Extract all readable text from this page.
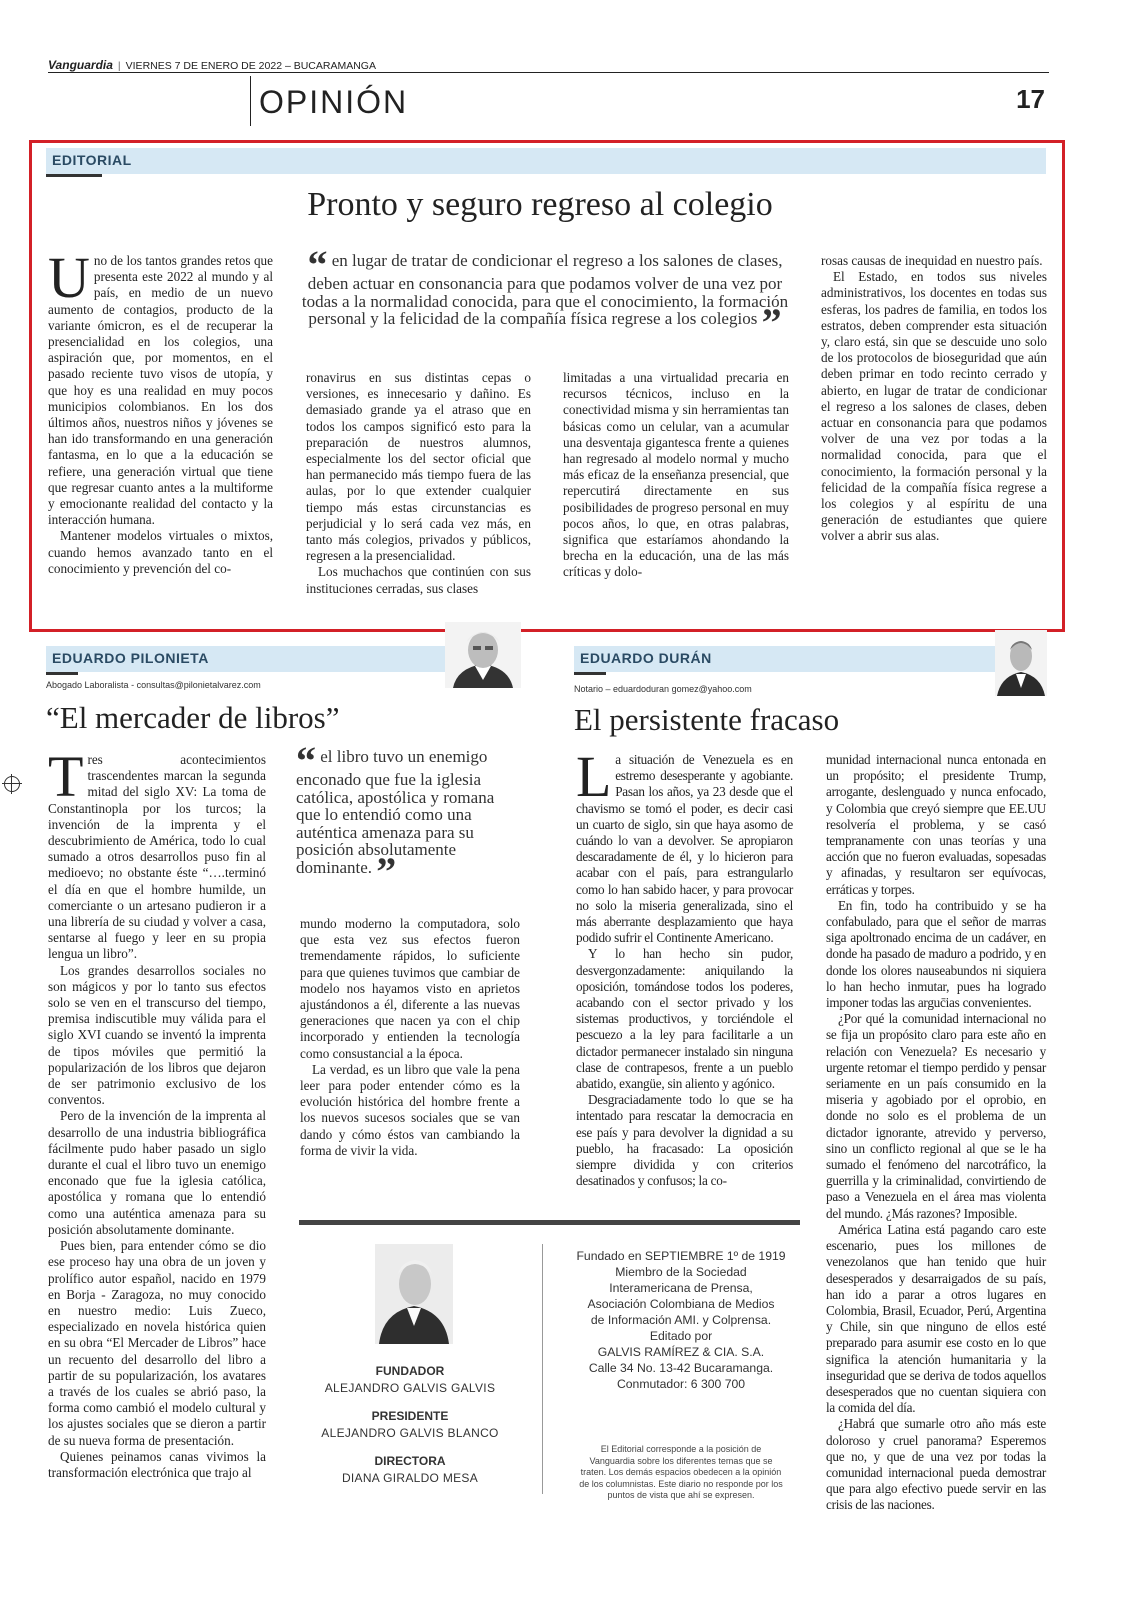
Vanguardia | VIERNES 7 DE ENERO DE 2022 – BUCARAMANGA
OPINIÓN	17
EDITORIAL
Pronto y seguro regreso al colegio

Uno de los tantos grandes retos que presenta este 2022 al mundo y al país, en medio de un nuevo aumento de contagios, producto de la variante ómicron, es el de recuperar la presencialidad en los colegios, una aspiración que, por momentos, en el pasado reciente tuvo visos de utopía, y que hoy es una realidad en muy pocos municipios colombianos. En los dos últimos años, nuestros niños y jóvenes se han ido transformando en una generación fantasma, en lo que a la educación se refiere, una generación virtual que tiene que regresar cuanto antes a la multiforme y emocionante realidad del contacto y la interacción humana.

Mantener modelos virtuales o mixtos, cuando hemos avanzado tanto en el conocimiento y prevención del co-

“ en lugar de tratar de condicionar el regreso a los salones de clases, deben actuar en consonancia para que podamos volver de una vez por todas a la normalidad conocida, para que el conocimiento, la formación personal y la felicidad de la compañía física regrese a los colegios ”

ronavirus en sus distintas cepas o versiones, es innecesario y dañino. Es demasiado grande ya el atraso que en todos los campos significó esto para la preparación de nuestros alumnos, especialmente los del sector oficial que han permanecido más tiempo fuera de las aulas, por lo que extender cualquier tiempo más estas circunstancias es perjudicial y lo será cada vez más, en tanto más colegios, privados y públicos, regresen a la presencialidad.

Los muchachos que continúen con sus instituciones cerradas, sus clases

limitadas a una virtualidad precaria en recursos técnicos, incluso en la conectividad misma y sin herramientas tan básicas como un celular, van a acumular una desventaja gigantesca frente a quienes han regresado al modelo normal y mucho más eficaz de la enseñanza presencial, que repercutirá directamente en sus posibilidades de progreso personal en muy pocos años, lo que, en otras palabras, significa que estaríamos ahondando la brecha en la educación, una de las más críticas y dolo-

rosas causas de inequidad en nuestro país.

El Estado, en todos sus niveles administrativos, los docentes en todas sus esferas, los padres de familia, en todos los estratos, deben comprender esta situación y, claro está, sin que se descuide uno solo de los protocolos de bioseguridad que aún deben primar en todo recinto cerrado y abierto, en lugar de tratar de condicionar el regreso a los salones de clases, deben actuar en consonancia para que podamos volver de una vez por todas a la normalidad conocida, para que el conocimiento, la formación personal y la felicidad de la compañía física regrese a los colegios y al espíritu de una generación de estudiantes que quiere volver a abrir sus alas.

EDUARDO PILONIETA
Abogado Laboralista - consultas@pilonietalvarez.com
“El mercader de libros”

Tres acontecimientos trascendentes marcan la segunda mitad del siglo XV: La toma de Constantinopla por los turcos; la invención de la imprenta y el descubrimiento de América, todo lo cual sumado a otros desarrollos puso fin al medioevo; no obstante éste “….terminó el día en que el hombre humilde, un comerciante o un artesano pudieron ir a una librería de su ciudad y volver a casa, sentarse al fuego y leer en su propia lengua un libro”.

Los grandes desarrollos sociales no son mágicos y por lo tanto sus efectos solo se ven en el transcurso del tiempo, premisa indiscutible muy válida para el siglo XVI cuando se inventó la imprenta de tipos móviles que permitió la popularización de los libros que dejaron de ser patrimonio exclusivo de los conventos.

Pero de la invención de la imprenta al desarrollo de una industria bibliográfica fácilmente pudo haber pasado un siglo durante el cual el libro tuvo un enemigo enconado que fue la iglesia católica, apostólica y romana que lo entendió como una auténtica amenaza para su posición absolutamente dominante.

Pues bien, para entender cómo se dio ese proceso hay una obra de un joven y prolífico autor español, nacido en 1979 en Borja - Zaragoza, no muy conocido en nuestro medio: Luis Zueco, especializado en novela histórica quien en su obra “El Mercader de Libros” hace un recuento del desarrollo del libro a partir de su popularización, los avatares a través de los cuales se abrió paso, la forma como cambió el modelo cultural y los ajustes sociales que se dieron a partir de su nueva forma de presentación.

Quienes peinamos canas vivimos la transformación electrónica que trajo al

“ el libro tuvo un enemigo enconado que fue la iglesia católica, apostólica y romana que lo entendió como una auténtica amenaza para su posición absolutamente dominante. ”

mundo moderno la computadora, solo que esta vez sus efectos fueron tremendamente rápidos, lo suficiente para que quienes tuvimos que cambiar de modelo nos hayamos visto en aprietos ajustándonos a él, diferente a las nuevas generaciones que nacen ya con el chip incorporado y entienden la tecnología como consustancial a la época.

La verdad, es un libro que vale la pena leer para poder entender cómo es la evolución histórica del hombre frente a los nuevos sucesos sociales que se van dando y cómo éstos van cambiando la forma de vivir la vida.

FUNDADOR
ALEJANDRO GALVIS GALVIS
PRESIDENTE
ALEJANDRO GALVIS BLANCO
DIRECTORA
DIANA GIRALDO MESA
Fundado en SEPTIEMBRE 1º de 1919
Miembro de la Sociedad
Interamericana de Prensa,
Asociación Colombiana de Medios
de Información AMI. y Colprensa.
Editado por
GALVIS RAMÍREZ & CIA. S.A.
Calle 34 No. 13-42 Bucaramanga.
Conmutador: 6 300 700
El Editorial corresponde a la posición de Vanguardia sobre los diferentes temas que se traten. Los demás espacios obedecen a la opinión de los columnistas. Este diario no responde por los puntos de vista que ahí se expresen.
EDUARDO DURÁN
Notario – eduardoduran gomez@yahoo.com
El persistente fracaso

La situación de Venezuela es en estremo desesperante y agobiante. Pasan los años, ya 23 desde que el chavismo se tomó el poder, es decir casi un cuarto de siglo, sin que haya asomo de cuándo lo van a devolver. Se apropiaron descaradamente de él, y lo hicieron para acabar con el país, para estrangularlo como lo han sabido hacer, y para provocar no solo la miseria generalizada, sino el más aberrante desplazamiento que haya podido sufrir el Continente Americano.

Y lo han hecho sin pudor, desvergonzadamente: aniquilando la oposición, tomándose todos los poderes, acabando con el sector privado y los sistemas productivos, y torciéndole el pescuezo a la ley para facilitarle a un dictador permanecer instalado sin ninguna clase de contrapesos, frente a un pueblo abatido, exangüe, sin aliento y agónico.

Desgraciadamente todo lo que se ha intentado para rescatar la democracia en ese país y para devolver la dignidad a su pueblo, ha fracasado: La oposición siempre dividida y con criterios desatinados y confusos; la co-

munidad internacional nunca entonada en un propósito; el presidente Trump, arrogante, deslenguado y nunca enfocado, y Colombia que creyó siempre que EE.UU resolvería el problema, y se casó tempranamente con unas teorías y una acción que no fueron evaluadas, sopesadas y afinadas, y resultaron ser equívocas, erráticas y torpes.

En fin, todo ha contribuido y se ha confabulado, para que el señor de marras siga apoltronado encima de un cadáver, en donde ha pasado de maduro a podrido, y en donde los olores nauseabundos ni siquiera lo han hecho inmutar, pues ha logrado imponer todas las arguc̄ias convenientes.

¿Por qué la comunidad internacional no se fija un propósito claro para este año en relación con Venezuela? Es necesario y urgente retomar el tiempo perdido y pensar seriamente en un país consumido en la miseria y agobiado por el oprobio, en donde no solo es el problema de un dictador ignorante, atrevido y perverso, sino un conflicto regional al que se le ha sumado el fenómeno del narcotráfico, la guerrilla y la criminalidad, convirtiendo de paso a Venezuela en el área mas violenta del mundo. ¿Más razones? Imposible.

América Latina está pagando caro este escenario, pues los millones de venezolanos que han tenido que huir desesperados y desarraigados de su país, han ido a parar a otros lugares en Colombia, Brasil, Ecuador, Perú, Argentina y Chile, sin que ninguno de ellos esté preparado para asumir ese costo en lo que significa la atención humanitaria y la inseguridad que se deriva de todos aquellos desesperados que no cuentan siquiera con la comida del día.

¿Habrá que sumarle otro año más este doloroso y cruel panorama? Esperemos que no, y que de una vez por todas la comunidad internacional pueda demostrar que para algo efectivo puede servir en las crisis de las naciones.
